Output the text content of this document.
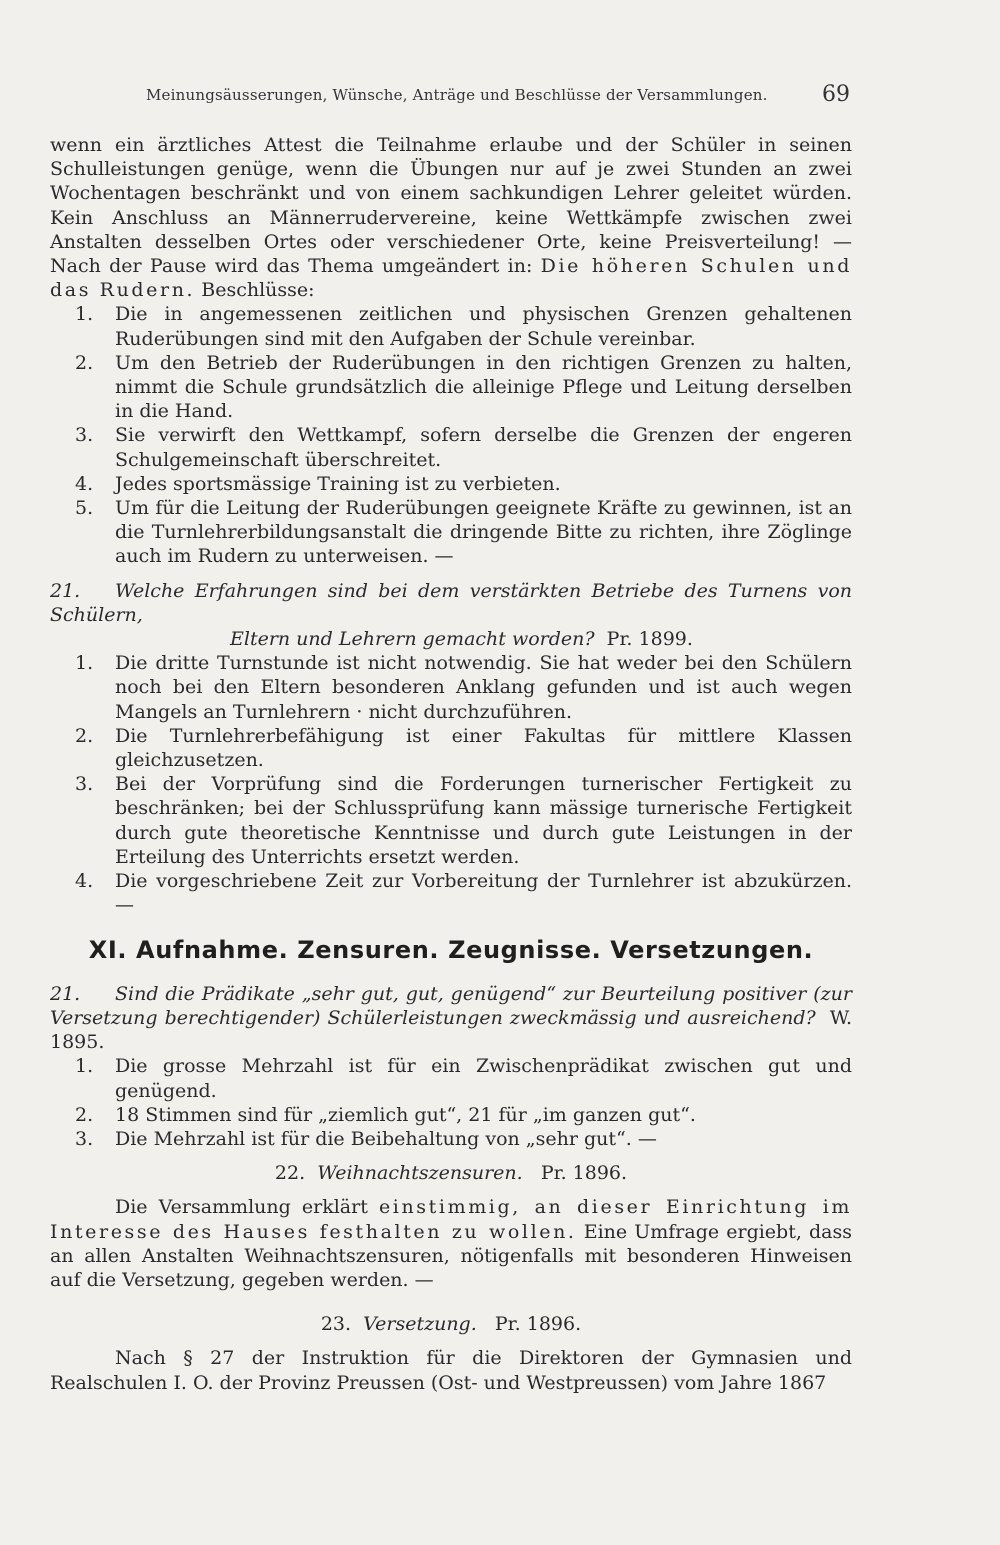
Meinungsäusserungen, Wünsche, Anträge und Beschlüsse der Versammlungen. 69

wenn ein ärztliches Attest die Teilnahme erlaube und der Schüler in seinen Schulleistungen genüge, wenn die Übungen nur auf je zwei Stunden an zwei Wochentagen beschränkt und von einem sachkundigen Lehrer geleitet würden. Kein Anschluss an Männerrudervereine, keine Wettkämpfe zwischen zwei Anstalten desselben Ortes oder verschiedener Orte, keine Preisverteilung! — Nach der Pause wird das Thema umgeändert in: Die höheren Schulen und das Rudern. Beschlüsse:

1. Die in angemessenen zeitlichen und physischen Grenzen gehaltenen Ruderübungen sind mit den Aufgaben der Schule vereinbar.
2. Um den Betrieb der Ruderübungen in den richtigen Grenzen zu halten, nimmt die Schule grundsätzlich die alleinige Pflege und Leitung derselben in die Hand.
3. Sie verwirft den Wettkampf, sofern derselbe die Grenzen der engeren Schulgemeinschaft überschreitet.
4. Jedes sportsmässige Training ist zu verbieten.
5. Um für die Leitung der Ruderübungen geeignete Kräfte zu gewinnen, ist an die Turnlehrerbildungsanstalt die dringende Bitte zu richten, ihre Zöglinge auch im Rudern zu unterweisen. —

21. Welche Erfahrungen sind bei dem verstärkten Betriebe des Turnens von Schülern,
Eltern und Lehrern gemacht worden? Pr. 1899.

1. Die dritte Turnstunde ist nicht notwendig. Sie hat weder bei den Schülern noch bei den Eltern besonderen Anklang gefunden und ist auch wegen Mangels an Turnlehrern · nicht durchzuführen.
2. Die Turnlehrerbefähigung ist einer Fakultas für mittlere Klassen gleichzusetzen.
3. Bei der Vorprüfung sind die Forderungen turnerischer Fertigkeit zu beschränken; bei der Schlussprüfung kann mässige turnerische Fertigkeit durch gute theoretische Kenntnisse und durch gute Leistungen in der Erteilung des Unterrichts ersetzt werden.
4. Die vorgeschriebene Zeit zur Vorbereitung der Turnlehrer ist abzukürzen. —
XI. Aufnahme. Zensuren. Zeugnisse. Versetzungen.

21. Sind die Prädikate „sehr gut, gut, genügend“ zur Beurteilung positiver (zur Versetzung berechtigender) Schülerleistungen zweckmässig und ausreichend? W. 1895.

1. Die grosse Mehrzahl ist für ein Zwischenprädikat zwischen gut und genügend.
2. 18 Stimmen sind für „ziemlich gut“, 21 für „im ganzen gut“.
3. Die Mehrzahl ist für die Beibehaltung von „sehr gut“. —

22. Weihnachtszensuren. Pr. 1896.

Die Versammlung erklärt einstimmig, an dieser Einrichtung im Interesse des Hauses festhalten zu wollen. Eine Umfrage ergiebt, dass an allen Anstalten Weihnachtszensuren, nötigenfalls mit besonderen Hinweisen auf die Versetzung, gegeben werden. —

23. Versetzung. Pr. 1896.

Nach § 27 der Instruktion für die Direktoren der Gymnasien und Realschulen I. O. der Provinz Preussen (Ost- und Westpreussen) vom Jahre 1867
